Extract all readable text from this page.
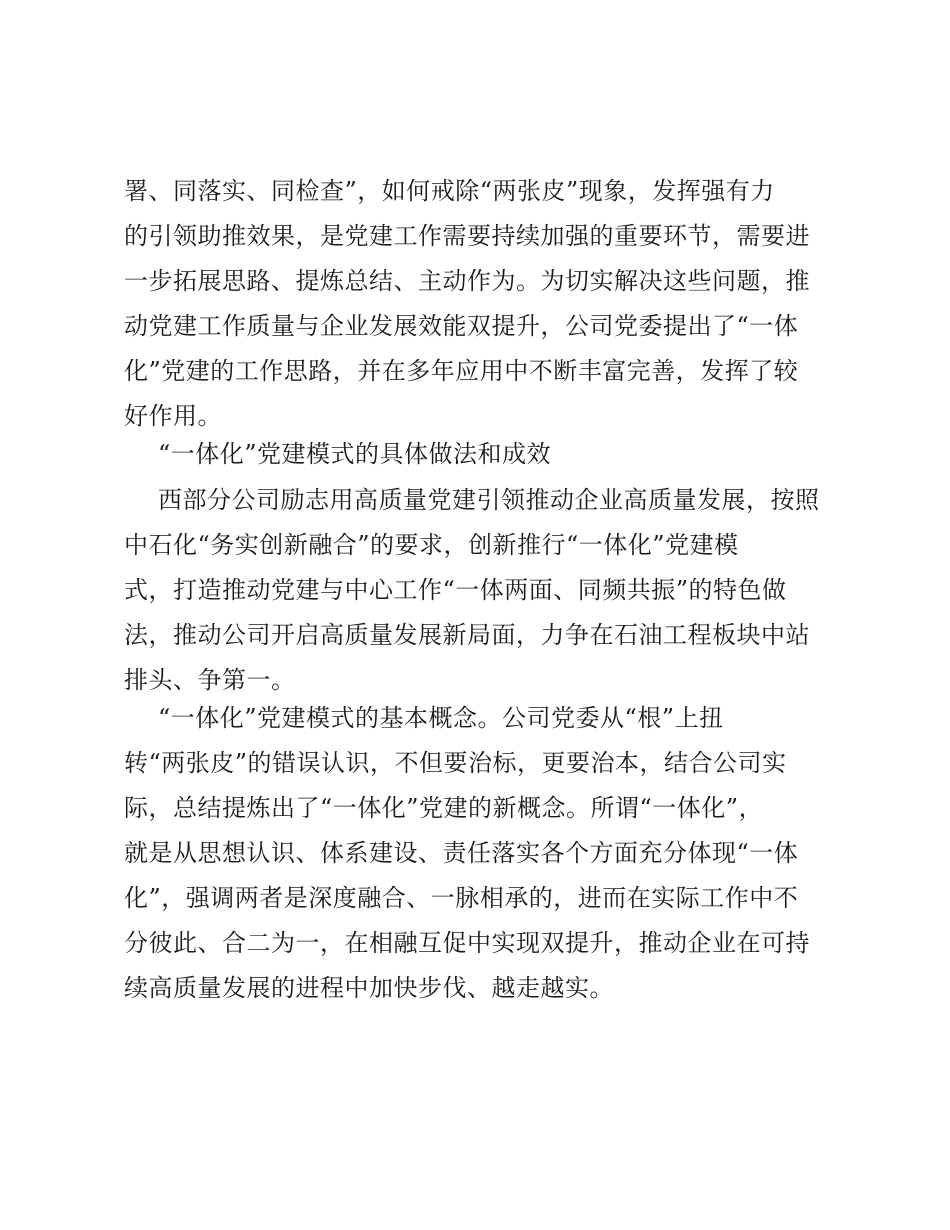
署、同落实、同检查”，如何戒除“两张皮”现象，发挥强有力
的引领助推效果，是党建工作需要持续加强的重要环节，需要进
一步拓展思路、提炼总结、主动作为。为切实解决这些问题，推
动党建工作质量与企业发展效能双提升，公司党委提出了“一体
化”党建的工作思路，并在多年应用中不断丰富完善，发挥了较
好作用。
“一体化”党建模式的具体做法和成效
西部分公司励志用高质量党建引领推动企业高质量发展，按照
中石化“务实创新融合”的要求，创新推行“一体化”党建模
式，打造推动党建与中心工作“一体两面、同频共振”的特色做
法，推动公司开启高质量发展新局面，力争在石油工程板块中站
排头、争第一。
“一体化”党建模式的基本概念。公司党委从“根”上扭
转“两张皮”的错误认识，不但要治标，更要治本，结合公司实
际，总结提炼出了“一体化”党建的新概念。所谓“一体化”，
就是从思想认识、体系建设、责任落实各个方面充分体现“一体
化”，强调两者是深度融合、一脉相承的，进而在实际工作中不
分彼此、合二为一，在相融互促中实现双提升，推动企业在可持
续高质量发展的进程中加快步伐、越走越实。
